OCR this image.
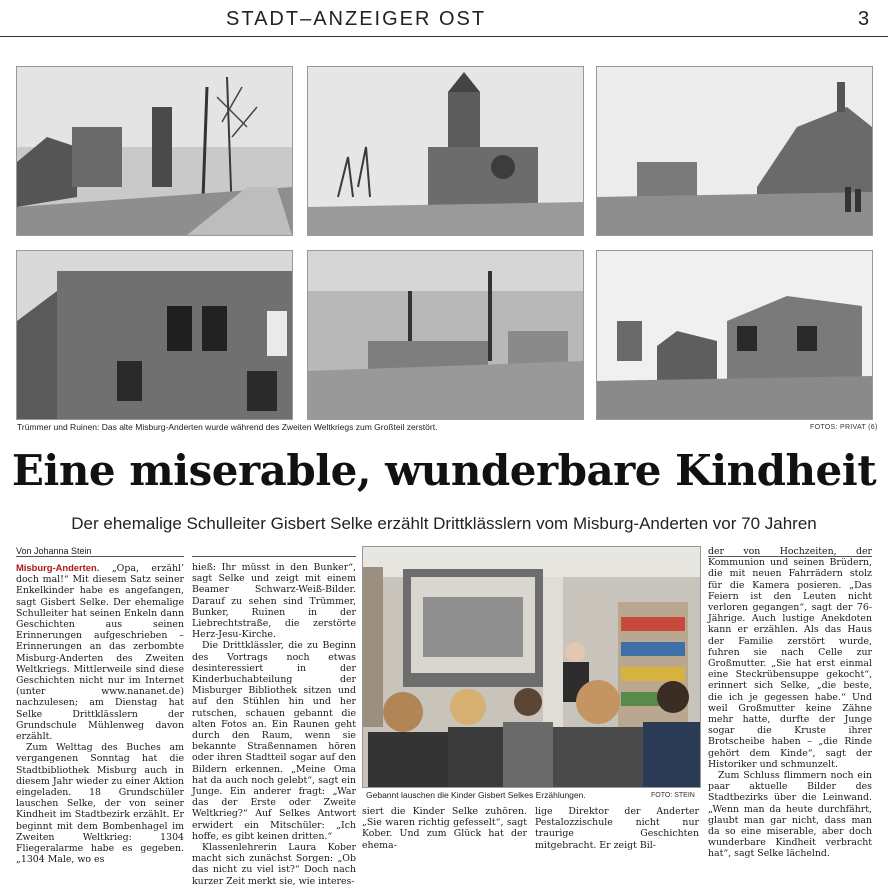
STADT–ANZEIGER OST	3
Trümmer und Ruinen: Das alte Misburg-Anderten wurde während des Zweiten Weltkriegs zum Großteil zerstört.	FOTOS: PRIVAT (6)
Eine miserable, wunderbare Kindheit
Der ehemalige Schulleiter Gisbert Selke erzählt Drittklässlern vom Misburg-Anderten vor 70 Jahren
Von Johanna Stein

Misburg-Anderten. „Opa, erzähl’ doch mal!“ Mit diesem Satz seiner Enkelkinder habe es angefangen, sagt Gisbert Selke. Der ehemalige Schulleiter hat seinen Enkeln dann Geschichten aus seinen Erinnerungen aufgeschrieben – Erinnerungen an das zerbombte Misburg-Anderten des Zweiten Weltkriegs. Mittlerweile sind diese Geschichten nicht nur im Internet (unter www.nananet.de) nachzulesen; am Dienstag hat Selke Drittklässlern der Grundschule Mühlenweg davon erzählt.

Zum Welttag des Buches am vergangenen Sonntag hat die Stadtbibliothek Misburg auch in diesem Jahr wieder zu einer Aktion eingeladen. 18 Grundschüler lauschen Selke, der von seiner Kindheit im Stadtbezirk erzählt. Er beginnt mit dem Bombenhagel im Zweiten Weltkrieg: 1304 Fliegeralarme habe es gegeben. „1304 Male, wo es

hieß: Ihr müsst in den Bunker“, sagt Selke und zeigt mit einem Beamer Schwarz-Weiß-Bilder. Darauf zu sehen sind Trümmer, Bunker, Ruinen in der Liebrechtstraße, die zerstörte Herz-Jesu-Kirche.

Die Drittklässler, die zu Beginn des Vortrags noch etwas desinteressiert in der Kinderbuchabteilung der Misburger Bibliothek sitzen und auf den Stühlen hin und her rutschen, schauen gebannt die alten Fotos an. Ein Raunen geht durch den Raum, wenn sie bekannte Straßennamen hören oder ihren Stadtteil sogar auf den Bildern erkennen. „Meine Oma hat da auch noch gelebt“, sagt ein Junge. Ein anderer fragt: „War das der Erste oder Zweite Weltkrieg?“ Auf Selkes Antwort erwidert ein Mitschüler: „Ich hoffe, es gibt keinen dritten.“

Klassenlehrerin Laura Kober macht sich zunächst Sorgen: „Ob das nicht zu viel ist?“ Doch nach kurzer Zeit merkt sie, wie interes-

Gebannt lauschen die Kinder Gisbert Selkes Erzählungen.	FOTO: STEIN

siert die Kinder Selke zuhören. „Sie waren richtig gefesselt“, sagt Kober. Und zum Glück hat der ehema-

lige Direktor der Anderter Pestalozzischule nicht nur traurige Geschichten mitgebracht. Er zeigt Bil-

der von Hochzeiten, der Kommunion und seinen Brüdern, die mit neuen Fahrrädern stolz für die Kamera posieren. „Das Feiern ist den Leuten nicht verloren gegangen“, sagt der 76-Jährige. Auch lustige Anekdoten kann er erzählen. Als das Haus der Familie zerstört wurde, fuhren sie nach Celle zur Großmutter. „Sie hat erst einmal eine Steckrübensuppe gekocht“, erinnert sich Selke, „die beste, die ich je gegessen habe.“ Und weil Großmutter keine Zähne mehr hatte, durfte der Junge sogar die Kruste ihrer Brotscheibe haben – „die Rinde gehört dem Kinde“, sagt der Historiker und schmunzelt.

Zum Schluss flimmern noch ein paar aktuelle Bilder des Stadtbezirks über die Leinwand. „Wenn man da heute durchfährt, glaubt man gar nicht, dass man da so eine miserable, aber doch wunderbare Kindheit verbracht hat“, sagt Selke lächelnd.
